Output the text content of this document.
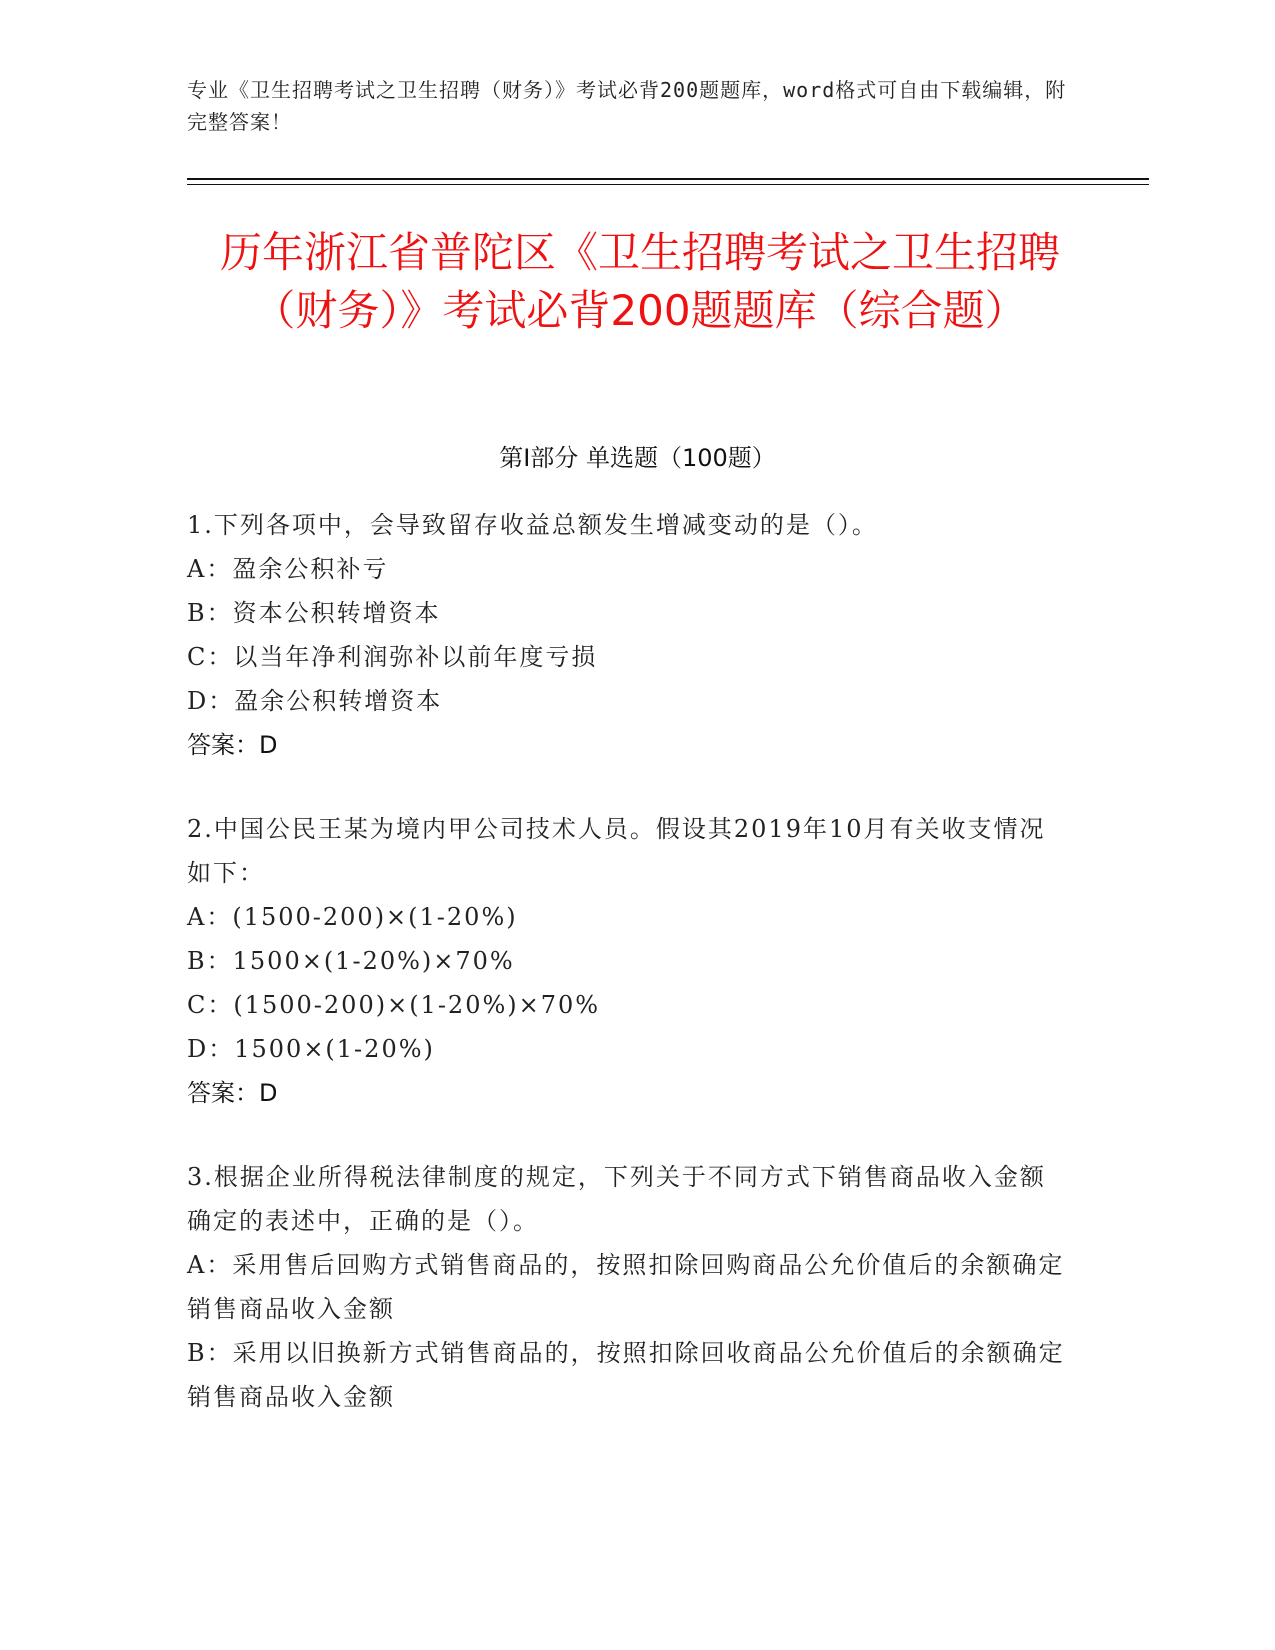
专业《卫生招聘考试之卫生招聘（财务）》考试必背200题题库，word格式可自由下载编辑，附完整答案！
历年浙江省普陀区《卫生招聘考试之卫生招聘（财务）》考试必背200题题库（综合题）
第I部分 单选题（100题）
1.下列各项中，会导致留存收益总额发生增减变动的是（）。
A：盈余公积补亏
B：资本公积转增资本
C：以当年净利润弥补以前年度亏损
D：盈余公积转增资本
答案：D
2.中国公民王某为境内甲公司技术人员。假设其2019年10月有关收支情况如下：
A：(1500-200)×(1-20%)
B：1500×(1-20%)×70%
C：(1500-200)×(1-20%)×70%
D：1500×(1-20%)
答案：D
3.根据企业所得税法律制度的规定，下列关于不同方式下销售商品收入金额确定的表述中，正确的是（）。
A：采用售后回购方式销售商品的，按照扣除回购商品公允价值后的余额确定销售商品收入金额
B：采用以旧换新方式销售商品的，按照扣除回收商品公允价值后的余额确定销售商品收入金额
